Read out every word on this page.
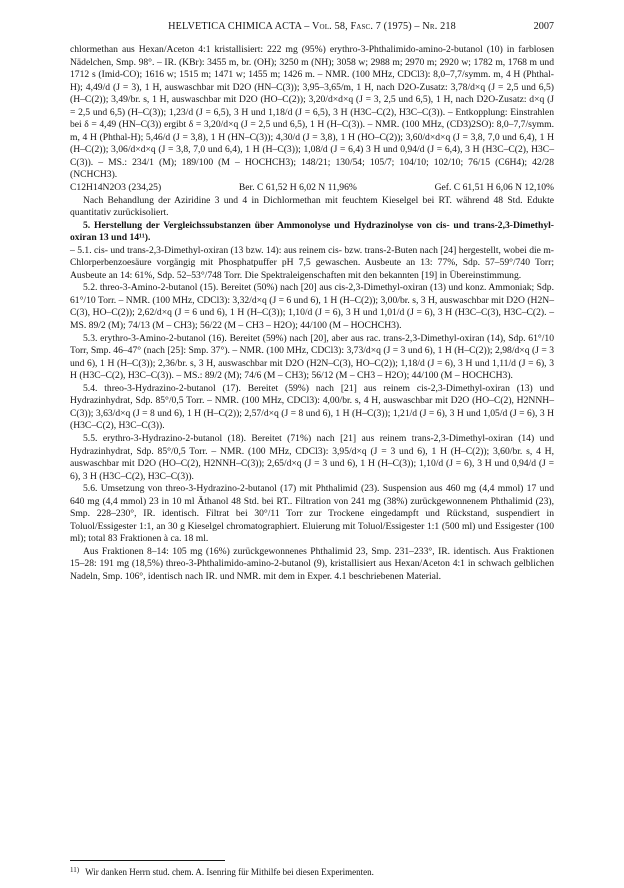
HELVETICA CHIMICA ACTA – Vol. 58, Fasc. 7 (1975) – Nr. 218	2007

chlormethan aus Hexan/Aceton 4:1 kristallisiert: 222 mg (95%) erythro-3-Phthalimido-amino-2-butanol (10) in farblosen Nädelchen, Smp. 98°. – IR. (KBr): 3455 m, br. (OH); 3250 m (NH); 3058 w; 2988 m; 2970 m; 2920 w; 1782 m, 1768 m und 1712 s (Imid-CO); 1616 w; 1515 m; 1471 w; 1455 m; 1426 m. – NMR. (100 MHz, CDCl3): 8,0–7,7/symm. m, 4 H (Phthal-H); 4,49/d (J = 3), 1 H, auswaschbar mit D2O (HN–C(3)); 3,95–3,65/m, 1 H, nach D2O-Zusatz: 3,78/d×q (J = 2,5 und 6,5) (H–C(2)); 3,49/br. s, 1 H, auswaschbar mit D2O (HO–C(2)); 3,20/d×d×q (J = 3, 2,5 und 6,5), 1 H, nach D2O-Zusatz: d×q (J = 2,5 und 6,5) (H–C(3)); 1,23/d (J = 6,5), 3 H und 1,18/d (J = 6,5), 3 H (H3C–C(2), H3C–C(3)). – Entkopplung: Einstrahlen bei δ = 4,49 (HN–C(3)) ergibt δ = 3,20/d×q (J = 2,5 und 6,5), 1 H (H–C(3)). – NMR. (100 MHz, (CD3)2SO): 8,0–7,7/symm. m, 4 H (Phthal-H); 5,46/d (J = 3,8), 1 H (HN–C(3)); 4,30/d (J = 3,8), 1 H (HO–C(2)); 3,60/d×d×q (J = 3,8, 7,0 und 6,4), 1 H (H–C(2)); 3,06/d×d×q (J = 3,8, 7,0 und 6,4), 1 H (H–C(3)); 1,08/d (J = 6,4) 3 H und 0,94/d (J = 6,4), 3 H (H3C–C(2), H3C–C(3)). – MS.: 234/1 (M); 189/100 (M – HOCHCH3); 148/21; 130/54; 105/7; 104/10; 102/10; 76/15 (C6H4); 42/28 (NCHCH3).

C12H14N2O3 (234,25)	Ber. C 61,52 H 6,02 N 11,96%	Gef. C 61,51 H 6,06 N 12,10%

Nach Behandlung der Aziridine 3 und 4 in Dichlormethan mit feuchtem Kieselgel bei RT. während 48 Std. Edukte quantitativ zurückisoliert.

5. Herstellung der Vergleichssubstanzen über Ammonolyse und Hydrazinolyse von cis- und trans-2,3-Dimethyl-oxiran 13 und 14¹¹).

– 5.1. cis- und trans-2,3-Dimethyl-oxiran (13 bzw. 14): aus reinem cis- bzw. trans-2-Buten nach [24] hergestellt, wobei die m-Chlorperbenzoesäure vorgängig mit Phosphatpuffer pH 7,5 gewaschen. Ausbeute an 13: 77%, Sdp. 57–59°/740 Torr; Ausbeute an 14: 61%, Sdp. 52–53°/748 Torr. Die Spektraleigenschaften mit den bekannten [19] in Übereinstimmung.

5.2. threo-3-Amino-2-butanol (15). Bereitet (50%) nach [20] aus cis-2,3-Dimethyl-oxiran (13) und konz. Ammoniak; Sdp. 61°/10 Torr. – NMR. (100 MHz, CDCl3): 3,32/d×q (J = 6 und 6), 1 H (H–C(2)); 3,00/br. s, 3 H, auswaschbar mit D2O (H2N–C(3), HO–C(2)); 2,62/d×q (J = 6 und 6), 1 H (H–C(3)); 1,10/d (J = 6), 3 H und 1,01/d (J = 6), 3 H (H3C–C(3), H3C–C(2). – MS. 89/2 (M); 74/13 (M – CH3); 56/22 (M – CH3 – H2O); 44/100 (M – HOCHCH3).

5.3. erythro-3-Amino-2-butanol (16). Bereitet (59%) nach [20], aber aus rac. trans-2,3-Dimethyl-oxiran (14), Sdp. 61°/10 Torr, Smp. 46–47° (nach [25]: Smp. 37°). – NMR. (100 MHz, CDCl3): 3,73/d×q (J = 3 und 6), 1 H (H–C(2)); 2,98/d×q (J = 3 und 6), 1 H (H–C(3)); 2,36/br. s, 3 H, auswaschbar mit D2O (H2N–C(3), HO–C(2)); 1,18/d (J = 6), 3 H und 1,11/d (J = 6), 3 H (H3C–C(2), H3C–C(3)). – MS.: 89/2 (M); 74/6 (M – CH3); 56/12 (M – CH3 – H2O); 44/100 (M – HOCHCH3).

5.4. threo-3-Hydrazino-2-butanol (17). Bereitet (59%) nach [21] aus reinem cis-2,3-Dimethyl-oxiran (13) und Hydrazinhydrat, Sdp. 85°/0,5 Torr. – NMR. (100 MHz, CDCl3): 4,00/br. s, 4 H, auswaschbar mit D2O (HO–C(2), H2NNH–C(3)); 3,63/d×q (J = 8 und 6), 1 H (H–C(2)); 2,57/d×q (J = 8 und 6), 1 H (H–C(3)); 1,21/d (J = 6), 3 H und 1,05/d (J = 6), 3 H (H3C–C(2), H3C–C(3)).

5.5. erythro-3-Hydrazino-2-butanol (18). Bereitet (71%) nach [21] aus reinem trans-2,3-Dimethyl-oxiran (14) und Hydrazinhydrat, Sdp. 85°/0,5 Torr. – NMR. (100 MHz, CDCl3): 3,95/d×q (J = 3 und 6), 1 H (H–C(2)); 3,60/br. s, 4 H, auswaschbar mit D2O (HO–C(2), H2NNH–C(3)); 2,65/d×q (J = 3 und 6), 1 H (H–C(3)); 1,10/d (J = 6), 3 H und 0,94/d (J = 6), 3 H (H3C–C(2), H3C–C(3)).

5.6. Umsetzung von threo-3-Hydrazino-2-butanol (17) mit Phthalimid (23). Suspension aus 460 mg (4,4 mmol) 17 und 640 mg (4,4 mmol) 23 in 10 ml Äthanol 48 Std. bei RT.. Filtration von 241 mg (38%) zurückgewonnenem Phthalimid (23), Smp. 228–230°, IR. identisch. Filtrat bei 30°/11 Torr zur Trockene eingedampft und Rückstand, suspendiert in Toluol/Essigester 1:1, an 30 g Kieselgel chromatographiert. Eluierung mit Toluol/Essigester 1:1 (500 ml) und Essigester (100 ml); total 83 Fraktionen à ca. 18 ml.

Aus Fraktionen 8–14: 105 mg (16%) zurückgewonnenes Phthalimid 23, Smp. 231–233°, IR. identisch. Aus Fraktionen 15–28: 191 mg (18,5%) threo-3-Phthalimido-amino-2-butanol (9), kristallisiert aus Hexan/Aceton 4:1 in schwach gelblichen Nadeln, Smp. 106°, identisch nach IR. und NMR. mit dem in Exper. 4.1 beschriebenen Material.

$^{11)}$ Wir danken Herrn stud. chem. A. Isenring für Mithilfe bei diesen Experimenten.
